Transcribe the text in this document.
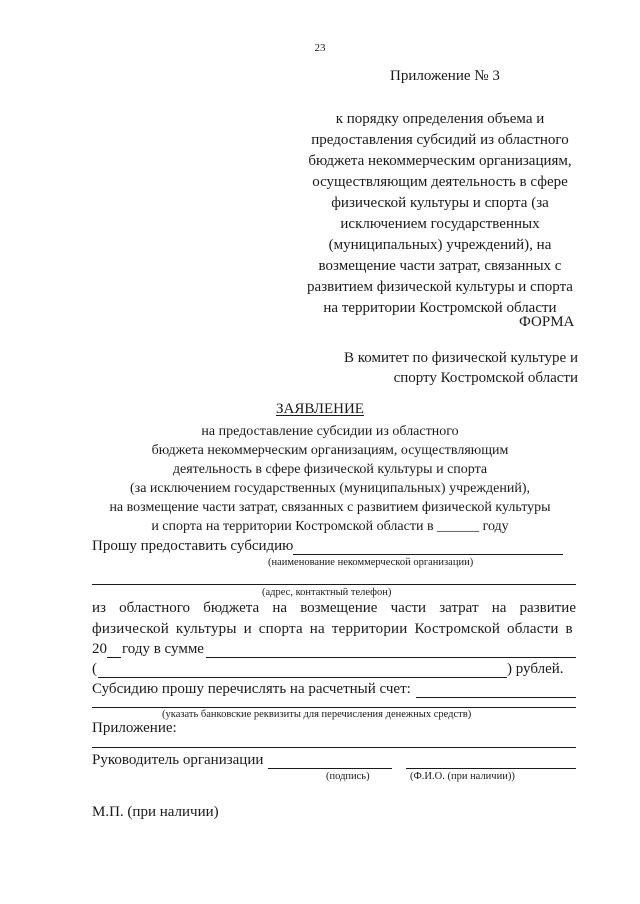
23
Приложение № 3
к порядку определения объема и
предоставления субсидий из областного
бюджета некоммерческим организациям,
осуществляющим деятельность в сфере
физической культуры и спорта (за
исключением государственных
(муниципальных) учреждений), на
возмещение части затрат, связанных с
развитием физической культуры и спорта
на территории Костромской области
ФОРМА
В комитет по физической культуре и
спорту Костромской области
ЗАЯВЛЕНИЕ
на предоставление субсидии из областного
бюджета некоммерческим организациям, осуществляющим
деятельность в сфере физической культуры и спорта
(за исключением государственных (муниципальных) учреждений),
на возмещение части затрат, связанных с развитием физической культуры
и спорта на территории Костромской области в ______ году
Прошу предоставить субсидию
(наименование некоммерческой организации)
(адрес, контактный телефон)
из областного бюджета на возмещение части затрат на развитие
физической культуры и спорта на территории Костромской области в
20 году в сумме
(	) рублей.
Субсидию прошу перечислять на расчетный счет:
(указать банковские реквизиты для перечисления денежных средств)
Приложение:
Руководитель организации
(подпись)	(Ф.И.О. (при наличии))
М.П. (при наличии)
